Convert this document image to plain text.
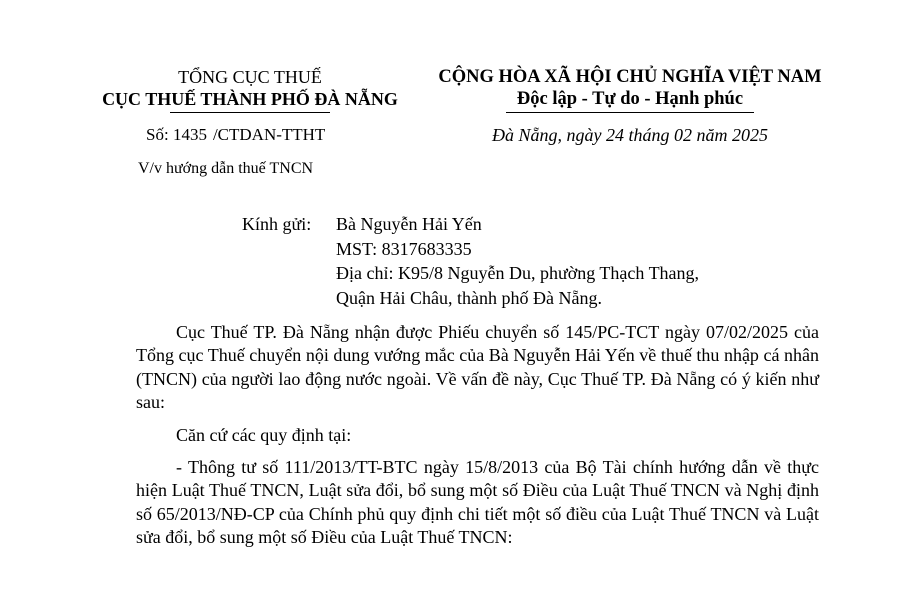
TỔNG CỤC THUẾ
CỤC THUẾ THÀNH PHỐ ĐÀ NẴNG
CỘNG HÒA XÃ HỘI CHỦ NGHĨA VIỆT NAM
Độc lập - Tự do - Hạnh phúc
Số: 1435 /CTDAN-TTHT	Đà Nẵng, ngày 24 tháng 02 năm 2025
V/v hướng dẫn thuế TNCN
Kính gửi:	Bà Nguyễn Hải Yến
MST: 8317683335
Địa chỉ: K95/8 Nguyễn Du, phường Thạch Thang,
Quận Hải Châu, thành phố Đà Nẵng.

Cục Thuế TP. Đà Nẵng nhận được Phiếu chuyển số 145/PC-TCT ngày 07/02/2025 của Tổng cục Thuế chuyển nội dung vướng mắc của Bà Nguyễn Hải Yến về thuế thu nhập cá nhân (TNCN) của người lao động nước ngoài. Về vấn đề này, Cục Thuế TP. Đà Nẵng có ý kiến như sau:

Căn cứ các quy định tại:

- Thông tư số 111/2013/TT-BTC ngày 15/8/2013 của Bộ Tài chính hướng dẫn về thực hiện Luật Thuế TNCN, Luật sửa đổi, bổ sung một số Điều của Luật Thuế TNCN và Nghị định số 65/2013/NĐ-CP của Chính phủ quy định chi tiết một số điều của Luật Thuế TNCN và Luật sửa đổi, bổ sung một số Điều của Luật Thuế TNCN:
